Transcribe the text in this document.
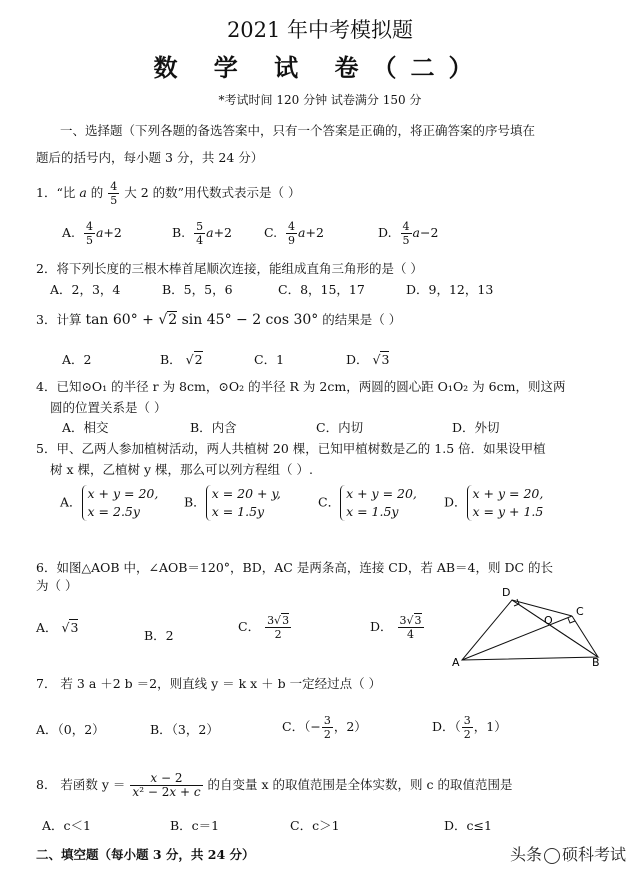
2021 年中考模拟题
数 学 试 卷（二）
*考试时间 120 分钟 试卷满分 150 分
一、选择题（下列各题的备选答案中，只有一个答案是正确的，将正确答案的序号填在
题后的括号内，每小题 3 分，共 24 分）
1．“比 a 的 $\frac{4}{5}$ 大 2 的数”用代数式表示是（ ）
A. $\frac{4}{5} a+2$	B. $\frac{5}{4} a+2$	C. $\frac{4}{9} a+2$	D. $\frac{4}{5} a-2$
2．将下列长度的三根木棒首尾顺次连接，能组成直角三角形的是（ ）
A．2，3，4	B．5，5，6	C．8，15，17	D．9，12，13
3．计算 tan 60° + √2 sin 45° − 2 cos 30° 的结果是（ ）
A．2	B． √2	C．1	D． √3
4．已知⊙O₁ 的半径 r 为 8cm，⊙O₂ 的半径 R 为 2cm，两圆的圆心距 O₁O₂ 为 6cm，则这两
圆的位置关系是（ ）
A．相交	B．内含	C．内切	D．外切
5．甲、乙两人参加植树活动，两人共植树 20 棵，已知甲植树数是乙的 1.5 倍．如果设甲植
树 x 棵，乙植树 y 棵，那么可以列方程组（ ）.
A．x + y = 20,
x = 2.5y
B．x = 20 + y,
x = 1.5y
C．x + y = 20,
x = 1.5y
D．x + y = 20,
x = y + 1.5
6．如图△AOB 中，∠AOB＝120°，BD，AC 是两条高，连接 CD，若 AB＝4，则 DC 的长
为（ ）
A． √3
B．2
C． $\frac{3√3}{2}$	D． $\frac{3√3}{4}$
D
C
O
A	B
7． 若 3 a ＋2 b ＝2，则直线 y ＝ k x ＋ b 一定经过点（ ）
A．（0，2）	B．（3，2）	C．（− $\frac{3}{2}$ ，2）	D．（ $\frac{3}{2}$ ，1）
8． 若函数 $y = \frac{x - 2}{\text{x² − 2x + c}}$ 的自变量 x 的取值范围是全体实数，则 c 的取值范围是
A．c＜1	B．c＝1	C．c＞1	D．c≤1
二、填空题（每小题 3 分，共 24 分）	头条 硕科考试
